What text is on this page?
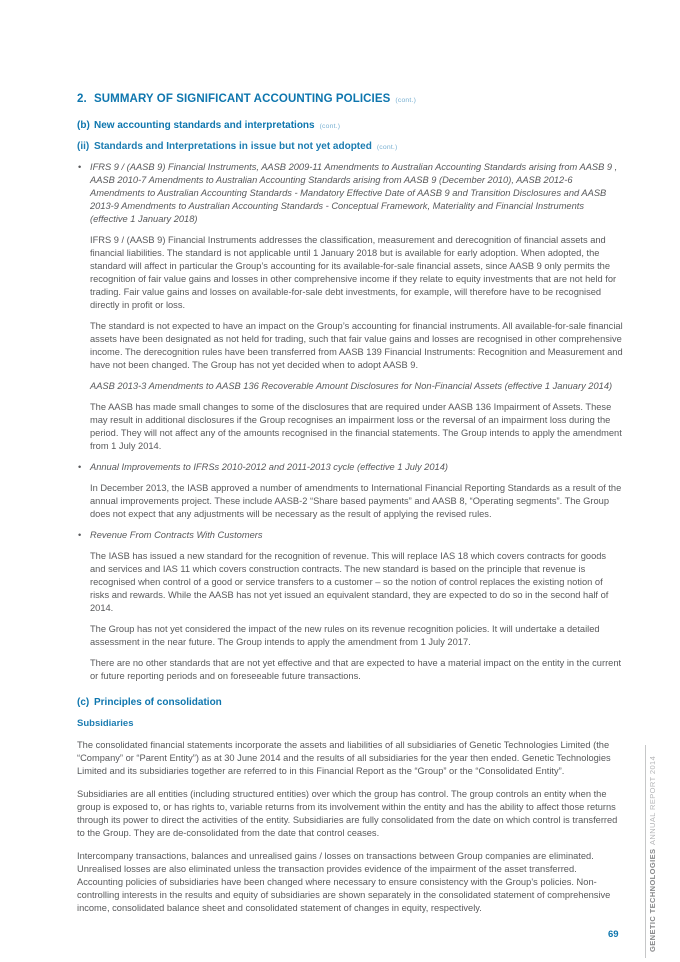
2. SUMMARY OF SIGNIFICANT ACCOUNTING POLICIES (cont.)
(b) New accounting standards and interpretations (cont.)
(ii) Standards and Interpretations in issue but not yet adopted (cont.)
• IFRS 9 / (AASB 9) Financial Instruments, AASB 2009-11 Amendments to Australian Accounting Standards arising from AASB 9 , AASB 2010-7 Amendments to Australian Accounting Standards arising from AASB 9 (December 2010), AASB 2012-6 Amendments to Australian Accounting Standards - Mandatory Effective Date of AASB 9 and Transition Disclosures and AASB 2013-9 Amendments to Australian Accounting Standards - Conceptual Framework, Materiality and Financial Instruments (effective 1 January 2018)
IFRS 9 / (AASB 9) Financial Instruments addresses the classification, measurement and derecognition of financial assets and financial liabilities. The standard is not applicable until 1 January 2018 but is available for early adoption. When adopted, the standard will affect in particular the Group’s accounting for its available-for-sale financial assets, since AASB 9 only permits the recognition of fair value gains and losses in other comprehensive income if they relate to equity investments that are not held for trading. Fair value gains and losses on available-for-sale debt investments, for example, will therefore have to be recognised directly in profit or loss.
The standard is not expected to have an impact on the Group’s accounting for financial instruments. All available-for-sale financial assets have been designated as not held for trading, such that fair value gains and losses are recognised in other comprehensive income. The derecognition rules have been transferred from AASB 139 Financial Instruments: Recognition and Measurement and have not been changed. The Group has not yet decided when to adopt AASB 9.
AASB 2013-3 Amendments to AASB 136 Recoverable Amount Disclosures for Non-Financial Assets (effective 1 January 2014)
The AASB has made small changes to some of the disclosures that are required under AASB 136 Impairment of Assets. These may result in additional disclosures if the Group recognises an impairment loss or the reversal of an impairment loss during the period. They will not affect any of the amounts recognised in the financial statements. The Group intends to apply the amendment from 1 July 2014.
• Annual Improvements to IFRSs 2010-2012 and 2011-2013 cycle (effective 1 July 2014)
In December 2013, the IASB approved a number of amendments to International Financial Reporting Standards as a result of the annual improvements project. These include AASB-2 “Share based payments” and AASB 8, “Operating segments”. The Group does not expect that any adjustments will be necessary as the result of applying the revised rules.
• Revenue From Contracts With Customers
The IASB has issued a new standard for the recognition of revenue. This will replace IAS 18 which covers contracts for goods and services and IAS 11 which covers construction contracts. The new standard is based on the principle that revenue is recognised when control of a good or service transfers to a customer – so the notion of control replaces the existing notion of risks and rewards. While the AASB has not yet issued an equivalent standard, they are expected to do so in the second half of 2014.
The Group has not yet considered the impact of the new rules on its revenue recognition policies. It will undertake a detailed assessment in the near future. The Group intends to apply the amendment from 1 July 2017.
There are no other standards that are not yet effective and that are expected to have a material impact on the entity in the current or future reporting periods and on foreseeable future transactions.
(c) Principles of consolidation
Subsidiaries
The consolidated financial statements incorporate the assets and liabilities of all subsidiaries of Genetic Technologies Limited (the “Company” or “Parent Entity”) as at 30 June 2014 and the results of all subsidiaries for the year then ended. Genetic Technologies Limited and its subsidiaries together are referred to in this Financial Report as the “Group” or the “Consolidated Entity”.
Subsidiaries are all entities (including structured entities) over which the group has control. The group controls an entity when the group is exposed to, or has rights to, variable returns from its involvement within the entity and has the ability to affect those returns through its power to direct the activities of the entity. Subsidiaries are fully consolidated from the date on which control is transferred to the Group. They are de-consolidated from the date that control ceases.
Intercompany transactions, balances and unrealised gains / losses on transactions between Group companies are eliminated. Unrealised losses are also eliminated unless the transaction provides evidence of the impairment of the asset transferred. Accounting policies of subsidiaries have been changed where necessary to ensure consistency with the Group’s policies. Non-controlling interests in the results and equity of subsidiaries are shown separately in the consolidated statement of comprehensive income, consolidated balance sheet and consolidated statement of changes in equity, respectively.	GENETIC TECHNOLOGIES
ANNUAL REPORT 2014
69
